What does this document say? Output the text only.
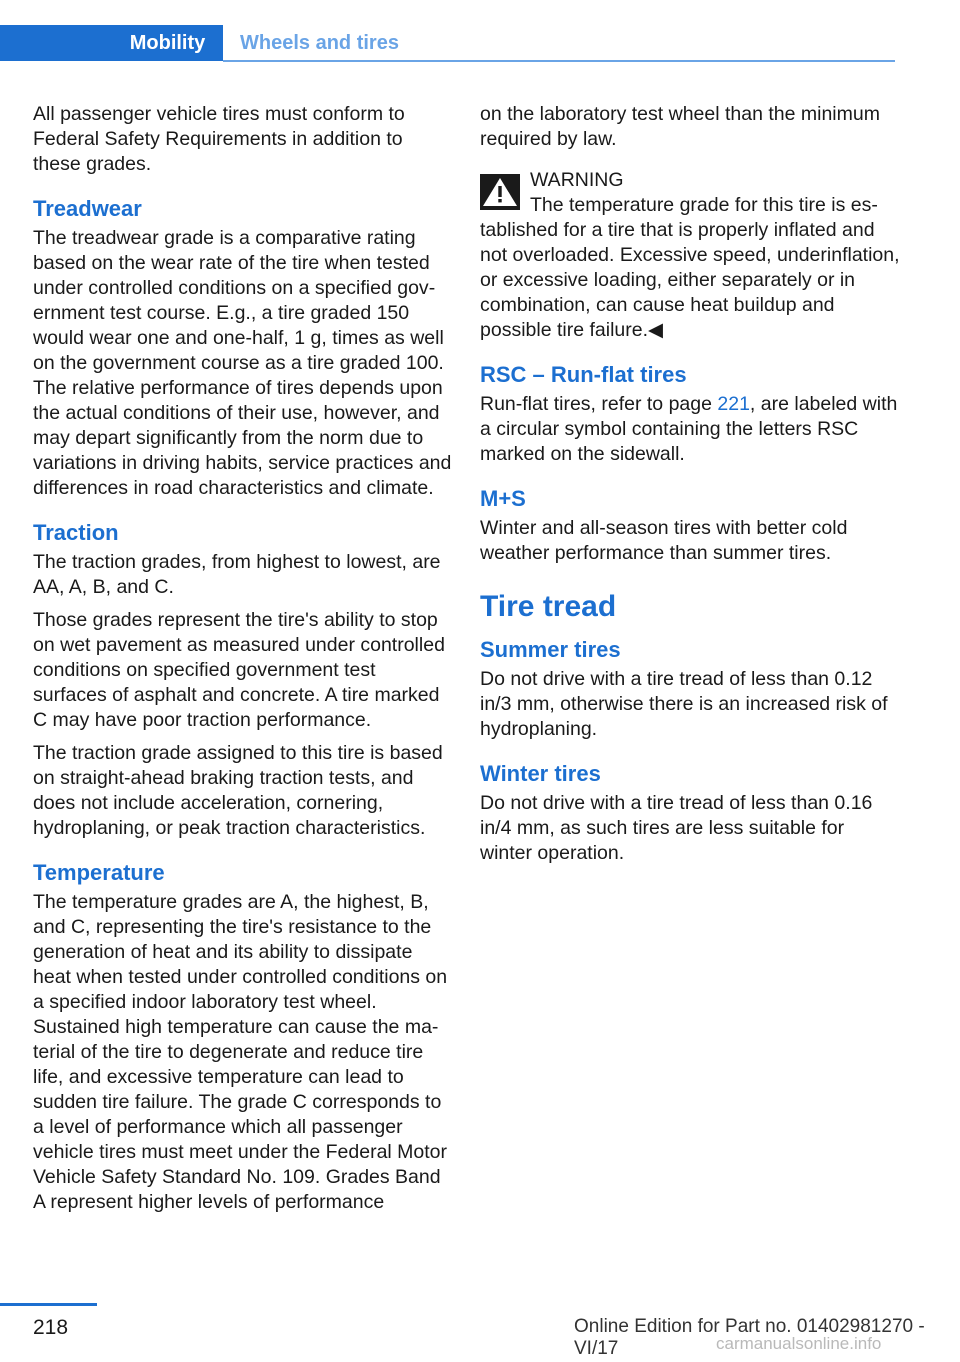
Mobility	Wheels and tires

All passenger vehicle tires must conform to Federal Safety Requirements in addition to these grades.

Treadwear

The treadwear grade is a comparative rating based on the wear rate of the tire when tested under controlled conditions on a specified government test course. E.g., a tire graded 150 would wear one and one-half, 1 g, times as well on the government course as a tire graded 100. The relative performance of tires depends upon the actual conditions of their use, however, and may depart significantly from the norm due to variations in driving habits, service practices and differences in road characteristics and climate.

Traction

The traction grades, from highest to lowest, are AA, A, B, and C.

Those grades represent the tire's ability to stop on wet pavement as measured under controlled conditions on specified government test surfaces of asphalt and concrete. A tire marked C may have poor traction performance.

The traction grade assigned to this tire is based on straight-ahead braking traction tests, and does not include acceleration, cornering, hydroplaning, or peak traction characteristics.

Temperature

The temperature grades are A, the highest, B, and C, representing the tire's resistance to the generation of heat and its ability to dissipate heat when tested under controlled conditions on a specified indoor laboratory test wheel. Sustained high temperature can cause the material of the tire to degenerate and reduce tire life, and excessive temperature can lead to sudden tire failure. The grade C corresponds to a level of performance which all passenger vehicle tires must meet under the Federal Motor Vehicle Safety Standard No. 109. Grades Band A represent higher levels of performance

on the laboratory test wheel than the minimum required by law.

WARNING
The temperature grade for this tire is established for a tire that is properly inflated and not overloaded. Excessive speed, underinflation, or excessive loading, either separately or in combination, can cause heat buildup and possible tire failure.◀
RSC – Run-flat tires

Run-flat tires, refer to page 221, are labeled with a circular symbol containing the letters RSC marked on the sidewall.

M+S

Winter and all-season tires with better cold weather performance than summer tires.

Tire tread
Summer tires

Do not drive with a tire tread of less than 0.12 in/3 mm, otherwise there is an increased risk of hydroplaning.

Winter tires

Do not drive with a tire tread of less than 0.16 in/4 mm, as such tires are less suitable for winter operation.

218	Online Edition for Part no. 01402981270 - VI/17	carmanualsonline.info
